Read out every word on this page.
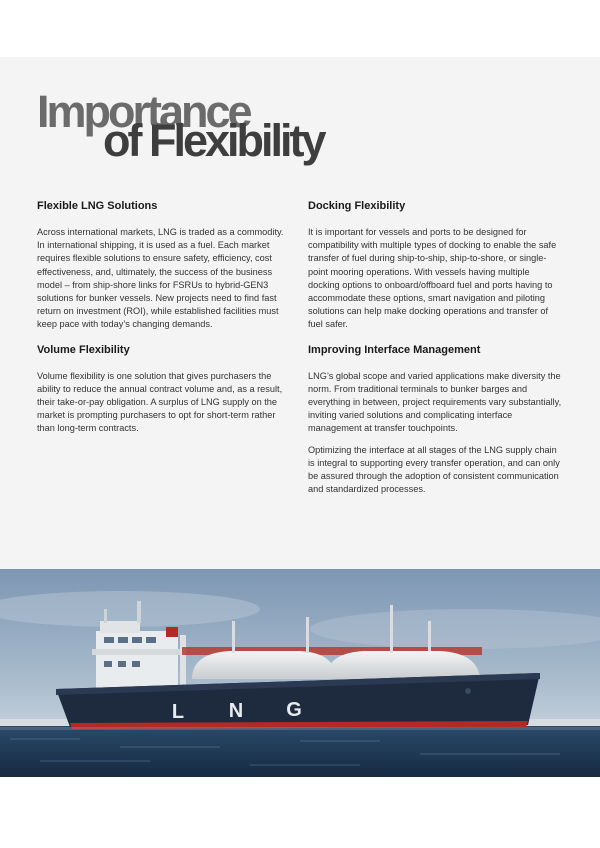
Importance
of Flexibility
Flexible LNG Solutions

Across international markets, LNG is traded as a commodity. In international shipping, it is used as a fuel. Each market requires flexible solutions to ensure safety, efficiency, cost effectiveness, and, ultimately, the success of the business model – from ship-shore links for FSRUs to hybrid-GEN3 solutions for bunker vessels. New projects need to find fast return on investment (ROI), while established facilities must keep pace with today’s changing demands.

Volume Flexibility

Volume flexibility is one solution that gives purchasers the ability to reduce the annual contract volume and, as a result, their take-or-pay obligation. A surplus of LNG supply on the market is prompting purchasers to opt for short-term rather than long-term contracts.

Docking Flexibility

It is important for vessels and ports to be designed for compatibility with multiple types of docking to enable the safe transfer of fuel during ship-to-ship, ship-to-shore, or single-point mooring operations. With vessels having multiple docking options to onboard/offboard fuel and ports having to accommodate these options, smart navigation and piloting solutions can help make docking operations and transfer of fuel safer.

Improving Interface Management

LNG’s global scope and varied applications make diversity the norm. From traditional terminals to bunker barges and everything in between, project requirements vary substantially, inviting varied solutions and complicating interface management at transfer touchpoints.

Optimizing the interface at all stages of the LNG supply chain is integral to supporting every transfer operation, and can only be assured through the adoption of consistent communication and standardized processes.

L N G
